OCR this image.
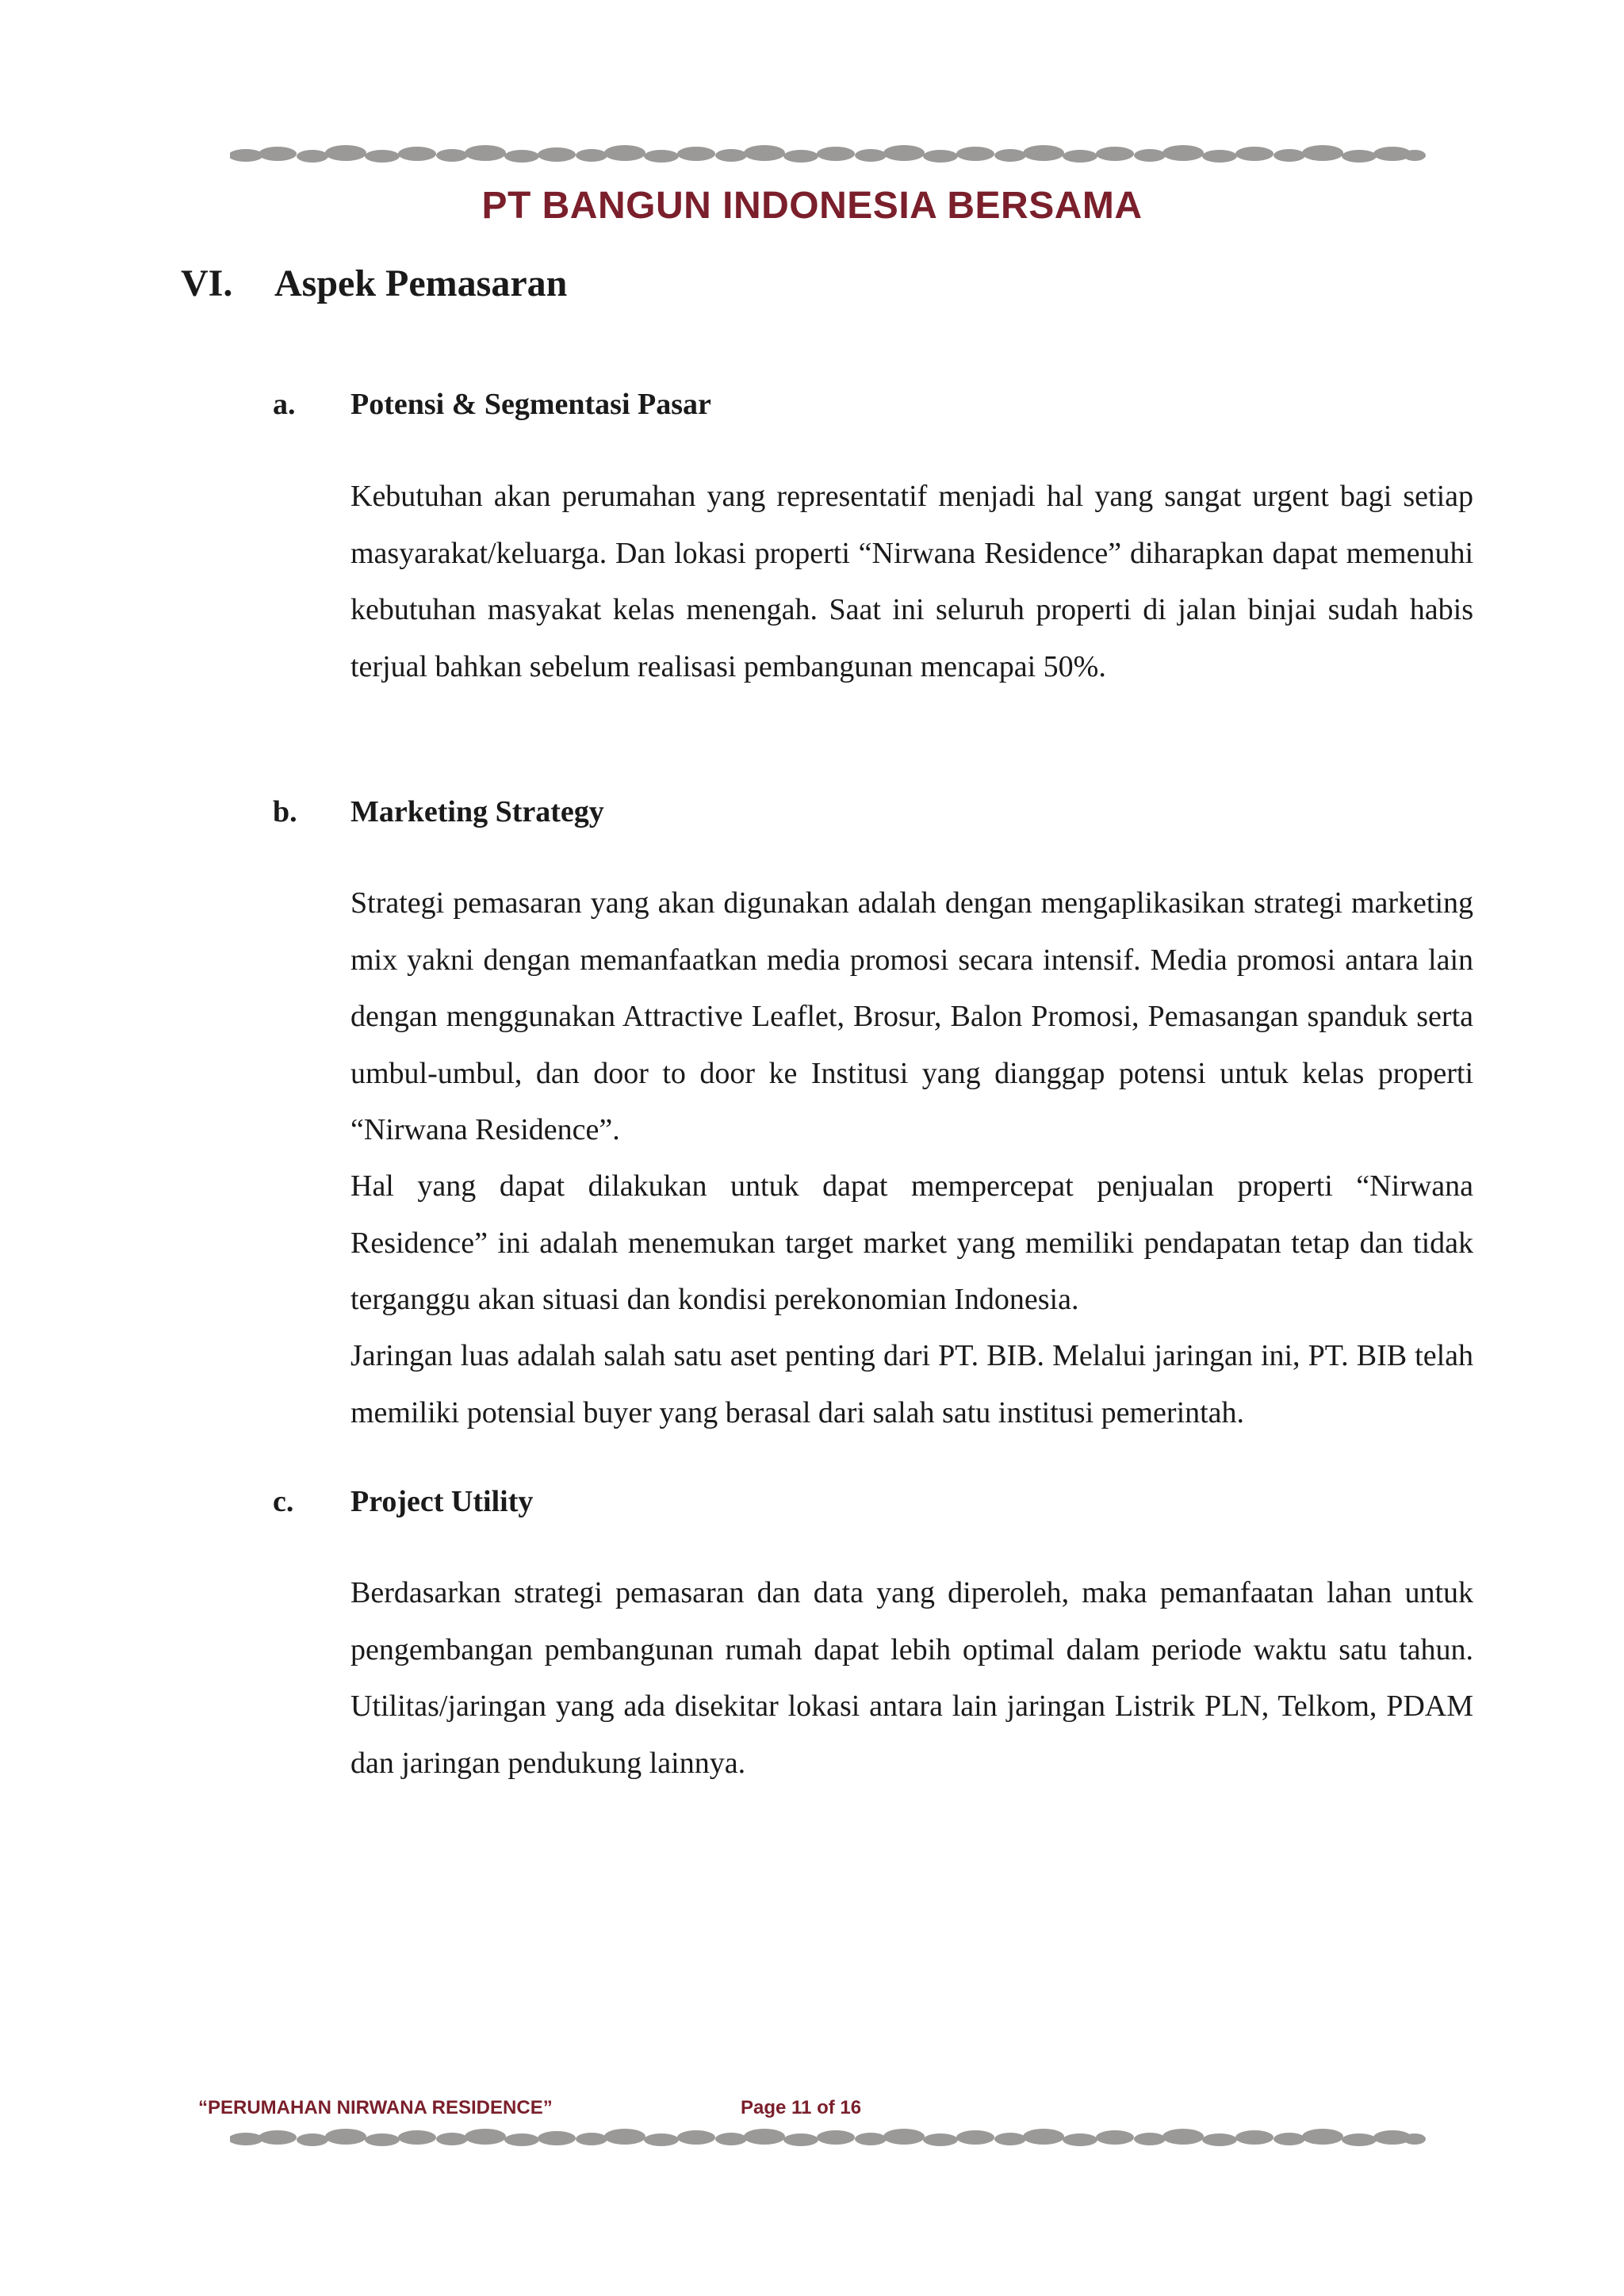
PT BANGUN INDONESIA BERSAMA
VI. Aspek Pemasaran
a. Potensi & Segmentasi Pasar

Kebutuhan akan perumahan yang representatif menjadi hal yang sangat urgent bagi setiap masyarakat/keluarga. Dan lokasi properti “Nirwana Residence” diharapkan dapat memenuhi kebutuhan masyakat kelas menengah. Saat ini seluruh properti di jalan binjai sudah habis terjual bahkan sebelum realisasi pembangunan mencapai 50%.

b. Marketing Strategy

Strategi pemasaran yang akan digunakan adalah dengan mengaplikasikan strategi marketing mix yakni dengan memanfaatkan media promosi secara intensif. Media promosi antara lain dengan menggunakan Attractive Leaflet, Brosur, Balon Promosi, Pemasangan spanduk serta umbul-umbul, dan door to door ke Institusi yang dianggap potensi untuk kelas properti “Nirwana Residence”.

Hal yang dapat dilakukan untuk dapat mempercepat penjualan properti “Nirwana Residence” ini adalah menemukan target market yang memiliki pendapatan tetap dan tidak terganggu akan situasi dan kondisi perekonomian Indonesia.

Jaringan luas adalah salah satu aset penting dari PT. BIB. Melalui jaringan ini, PT. BIB telah memiliki potensial buyer yang berasal dari salah satu institusi pemerintah.

c. Project Utility

Berdasarkan strategi pemasaran dan data yang diperoleh, maka pemanfaatan lahan untuk pengembangan pembangunan rumah dapat lebih optimal dalam periode waktu satu tahun. Utilitas/jaringan yang ada disekitar lokasi antara lain jaringan Listrik PLN, Telkom, PDAM dan jaringan pendukung lainnya.

“PERUMAHAN NIRWANA RESIDENCE”	Page 11 of 16
